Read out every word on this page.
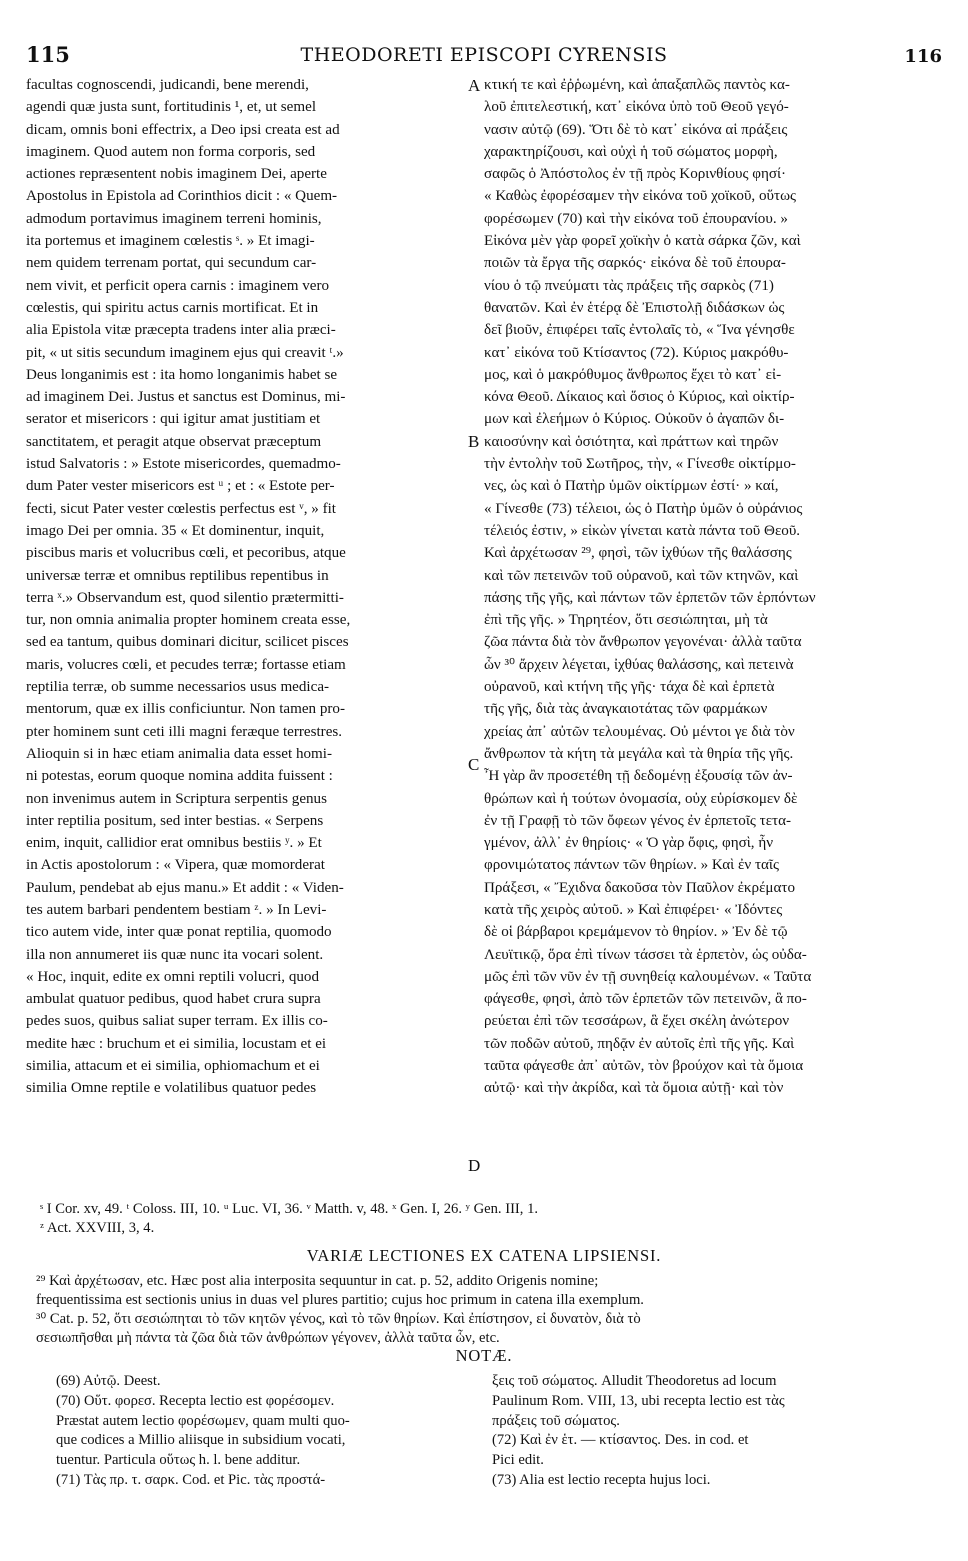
115	THEODORETI EPISCOPI CYRENSIS	116
facultas cognoscendi, judicandi, bene merendi,
agendi quæ justa sunt, fortitudinis ¹, et, ut semel
dicam, omnis boni effectrix, a Deo ipsi creata est ad
imaginem. Quod autem non forma corporis, sed
actiones repræsentent nobis imaginem Dei, aperte
Apostolus in Epistola ad Corinthios dicit : « Quem-
admodum portavimus imaginem terreni hominis,
ita portemus et imaginem cœlestis ˢ. » Et imagi-
nem quidem terrenam portat, qui secundum car-
nem vivit, et perficit opera carnis : imaginem vero
cœlestis, qui spiritu actus carnis mortificat. Et in
alia Epistola vitæ præcepta tradens inter alia præci-
pit, « ut sitis secundum imaginem ejus qui creavit ᵗ.»
Deus longanimis est : ita homo longanimis habet se
ad imaginem Dei. Justus et sanctus est Dominus, mi-
serator et misericors : qui igitur amat justitiam et
sanctitatem, et peragit atque observat præceptum
istud Salvatoris : » Estote misericordes, quemadmo-
dum Pater vester misericors est ᵘ ; et : « Estote per-
fecti, sicut Pater vester cœlestis perfectus est ᵛ, » fit
imago Dei per omnia. 35 « Et dominentur, inquit,
piscibus maris et volucribus cœli, et pecoribus, atque
universæ terræ et omnibus reptilibus repentibus in
terra ˣ.» Observandum est, quod silentio prætermitti-
tur, non omnia animalia propter hominem creata esse,
sed ea tantum, quibus dominari dicitur, scilicet pisces
maris, volucres cœli, et pecudes terræ; fortasse etiam
reptilia terræ, ob summe necessarios usus medica-
mentorum, quæ ex illis conficiuntur. Non tamen pro-
pter hominem sunt ceti illi magni feræque terrestres.
Alioquin si in hæc etiam animalia data esset homi-
ni potestas, eorum quoque nomina addita fuissent :
non invenimus autem in Scriptura serpentis genus
inter reptilia positum, sed inter bestias. « Serpens
enim, inquit, callidior erat omnibus bestiis ʸ. » Et
in Actis apostolorum : « Vipera, quæ momorderat
Paulum, pendebat ab ejus manu.» Et addit : « Viden-
tes autem barbari pendentem bestiam ᶻ. » In Levi-
tico autem vide, inter quæ ponat reptilia, quomodo
illa non annumeret iis quæ nunc ita vocari solent.
« Hoc, inquit, edite ex omni reptili volucri, quod
ambulat quatuor pedibus, quod habet crura supra
pedes suos, quibus saliat super terram. Ex illis co-
medite hæc : bruchum et ei similia, locustam et ei
similia, attacum et ei similia, ophiomachum et ei
similia Omne reptile e volatilibus quatuor pedes
κτική τε καὶ ἐῤῥωμένη, καὶ ἁπαξαπλῶς παντὸς κα-
λοῦ ἐπιτελεστική, κατ᾽ εἰκόνα ὑπὸ τοῦ Θεοῦ γεγό-
νασιν αὐτῷ (69). Ὅτι δὲ τὸ κατ᾽ εἰκόνα αἱ πράξεις
χαρακτηρίζουσι, καὶ οὐχὶ ἡ τοῦ σώματος μορφὴ,
σαφῶς ὁ Ἀπόστολος ἐν τῇ πρὸς Κορινθίους φησί·
« Καθὼς ἐφορέσαμεν τὴν εἰκόνα τοῦ χοϊκοῦ, οὕτως
φορέσωμεν (70) καὶ τὴν εἰκόνα τοῦ ἐπουρανίου. »
Εἰκόνα μὲν γὰρ φορεῖ χοϊκὴν ὁ κατὰ σάρκα ζῶν, καὶ
ποιῶν τὰ ἔργα τῆς σαρκός· εἰκόνα δὲ τοῦ ἐπουρα-
νίου ὁ τῷ πνεύματι τὰς πράξεις τῆς σαρκὸς (71)
θανατῶν. Καὶ ἐν ἑτέρᾳ δὲ Ἐπιστολῇ διδάσκων ὡς
δεῖ βιοῦν, ἐπιφέρει ταῖς ἐντολαῖς τὸ, « Ἵνα γένησθε
κατ᾽ εἰκόνα τοῦ Κτίσαντος (72). Κύριος μακρόθυ-
μος, καὶ ὁ μακρόθυμος ἄνθρωπος ἔχει τὸ κατ᾽ εἰ-
κόνα Θεοῦ. Δίκαιος καὶ ὅσιος ὁ Κύριος, καὶ οἰκτίρ-
μων καὶ ἐλεήμων ὁ Κύριος. Οὐκοῦν ὁ ἀγαπῶν δι-
καιοσύνην καὶ ὁσιότητα, καὶ πράττων καὶ τηρῶν
τὴν ἐντολὴν τοῦ Σωτῆρος, τὴν, « Γίνεσθε οἰκτίρμο-
νες, ὡς καὶ ὁ Πατὴρ ὑμῶν οἰκτίρμων ἐστί· » καί,
« Γίνεσθε (73) τέλειοι, ὡς ὁ Πατὴρ ὑμῶν ὁ οὐράνιος
τέλειός ἐστιν, » εἰκὼν γίνεται κατὰ πάντα τοῦ Θεοῦ.
Καὶ ἀρχέτωσαν ²⁹, φησὶ, τῶν ἰχθύων τῆς θαλάσσης
καὶ τῶν πετεινῶν τοῦ οὐρανοῦ, καὶ τῶν κτηνῶν, καὶ
πάσης τῆς γῆς, καὶ πάντων τῶν ἑρπετῶν τῶν ἑρπόντων
ἐπὶ τῆς γῆς. » Τηρητέον, ὅτι σεσιώπηται, μὴ τὰ
ζῶα πάντα διὰ τὸν ἄνθρωπον γεγονέναι· ἀλλὰ ταῦτα
ὧν ³⁰ ἄρχειν λέγεται, ἰχθύας θαλάσσης, καὶ πετεινὰ
οὐρανοῦ, καὶ κτήνη τῆς γῆς· τάχα δὲ καὶ ἑρπετὰ
τῆς γῆς, διὰ τὰς ἀναγκαιοτάτας τῶν φαρμάκων
χρείας ἀπ᾽ αὐτῶν τελουμένας. Οὐ μέντοι γε διὰ τὸν
ἄνθρωπον τὰ κήτη τὰ μεγάλα καὶ τὰ θηρία τῆς γῆς.
Ἦ γὰρ ἂν προσετέθη τῇ δεδομένῃ ἐξουσίᾳ τῶν ἀν-
θρώπων καὶ ἡ τούτων ὀνομασία, οὐχ εὑρίσκομεν δὲ
ἐν τῇ Γραφῇ τὸ τῶν ὄφεων γένος ἐν ἑρπετοῖς τετα-
γμένον, ἀλλ᾽ ἐν θηρίοις· « Ὁ γὰρ ὄφις, φησὶ, ἦν
φρονιμώτατος πάντων τῶν θηρίων. » Καὶ ἐν ταῖς
Πράξεσι, « Ἔχιδνα δακοῦσα τὸν Παῦλον ἐκρέματο
κατὰ τῆς χειρὸς αὐτοῦ. » Καὶ ἐπιφέρει· « Ἰδόντες
δὲ οἱ βάρβαροι κρεμάμενον τὸ θηρίον. » Ἐν δὲ τῷ
Λευϊτικῷ, ὅρα ἐπὶ τίνων τάσσει τὰ ἑρπετὸν, ὡς οὐδα-
μῶς ἐπὶ τῶν νῦν ἐν τῇ συνηθείᾳ καλουμένων. « Ταῦτα
φάγεσθε, φησὶ, ἀπὸ τῶν ἑρπετῶν τῶν πετεινῶν, ἃ πο-
ρεύεται ἐπὶ τῶν τεσσάρων, ἃ ἔχει σκέλη ἀνώτερον
τῶν ποδῶν αὐτοῦ, πηδᾷν ἐν αὐτοῖς ἐπὶ τῆς γῆς. Καὶ
ταῦτα φάγεσθε ἀπ᾽ αὐτῶν, τὸν βρούχον καὶ τὰ ὅμοια
αὐτῷ· καὶ τὴν ἀκρίδα, καὶ τὰ ὅμοια αὐτῇ· καὶ τὸν
A
B
C
D
ˢ I Cor. xv, 49. ᵗ Coloss. III, 10. ᵘ Luc. VI, 36. ᵛ Matth. v, 48. ˣ Gen. I, 26. ʸ Gen. III, 1.
ᶻ Act. XXVIII, 3, 4.
VARIÆ LECTIONES EX CATENA LIPSIENSI.
²⁹ Καὶ ἀρχέτωσαν, etc. Hæc post alia interposita sequuntur in cat. p. 52, addito Origenis nomine;
frequentissima est sectionis unius in duas vel plures partitio; cujus hoc primum in catena illa exemplum.
³⁰ Cat. p. 52, ὅτι σεσιώπηται τὸ τῶν κητῶν γένος, καὶ τὸ τῶν θηρίων. Καὶ ἐπίστησον, εἰ δυνατὸν, διὰ τὸ
σεσιωπῆσθαι μὴ πάντα τὰ ζῶα διὰ τῶν ἀνθρώπων γέγονεν, ἀλλὰ ταῦτα ὧν, etc.
NOTÆ.
(69) Αὐτῷ. Deest.
(70) Οὕτ. φορεσ. Recepta lectio est φορέσομεν.
Præstat autem lectio φορέσωμεν, quam multi quo-
que codices a Millio aliisque in subsidium vocati,
tuentur. Particula οὕτως h. l. bene additur.
(71) Τὰς πρ. τ. σαρκ. Cod. et Pic. τὰς πρoστά-
ξεις τοῦ σώματος. Alludit Theodoretus ad locum
Paulinum Rom. VIII, 13, ubi recepta lectio est τὰς
πράξεις τοῦ σώματος.
(72) Καὶ ἐν ἑτ. — κτίσαντος. Des. in cod. et
Pici edit.
(73) Alia est lectio recepta hujus loci.
